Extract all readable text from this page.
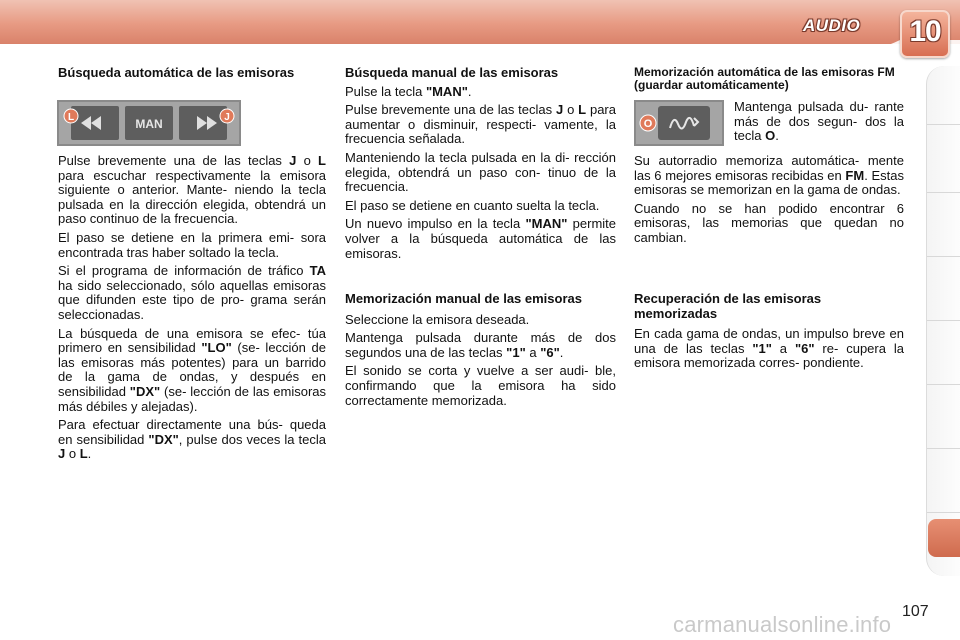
AUDIO	10
Búsqueda automática de las emisoras
MAN
L	J

Pulse brevemente una de las teclas J o L para escuchar respectivamente la emisora siguiente o anterior. Mante- niendo la tecla pulsada en la dirección elegida, obtendrá un paso continuo de la frecuencia.

El paso se detiene en la primera emi- sora encontrada tras haber soltado la tecla.

Si el programa de información de tráfico TA ha sido seleccionado, sólo aquellas emisoras que difunden este tipo de pro- grama serán seleccionadas.

La búsqueda de una emisora se efec- túa primero en sensibilidad "LO" (se- lección de las emisoras más potentes) para un barrido de la gama de ondas, y después en sensibilidad "DX" (se- lección de las emisoras más débiles y alejadas).

Para efectuar directamente una bús- queda en sensibilidad "DX", pulse dos veces la tecla J o L.

Búsqueda manual de las emisoras

Pulse la tecla "MAN".

Pulse brevemente una de las teclas J o L para aumentar o disminuir, respecti- vamente, la frecuencia señalada.

Manteniendo la tecla pulsada en la di- rección elegida, obtendrá un paso con- tinuo de la frecuencia.

El paso se detiene en cuanto suelta la tecla.

Un nuevo impulso en la tecla "MAN" permite volver a la búsqueda automática de las emisoras.

Memorización manual de las emisoras

Seleccione la emisora deseada.

Mantenga pulsada durante más de dos segundos una de las teclas "1" a "6".

El sonido se corta y vuelve a ser audi- ble, confirmando que la emisora ha sido correctamente memorizada.

Memorización automática de las emisoras FM (guardar automáticamente)
O

Mantenga pulsada du- rante más de dos segun- dos la tecla O.

Su autorradio memoriza automática- mente las 6 mejores emisoras recibidas en FM. Estas emisoras se memorizan en la gama de ondas.

Cuando no se han podido encontrar 6 emisoras, las memorias que quedan no cambian.

Recuperación de las emisoras memorizadas

En cada gama de ondas, un impulso breve en una de las teclas "1" a "6" re- cupera la emisora memorizada corres- pondiente.

107
carmanualsonline.info
